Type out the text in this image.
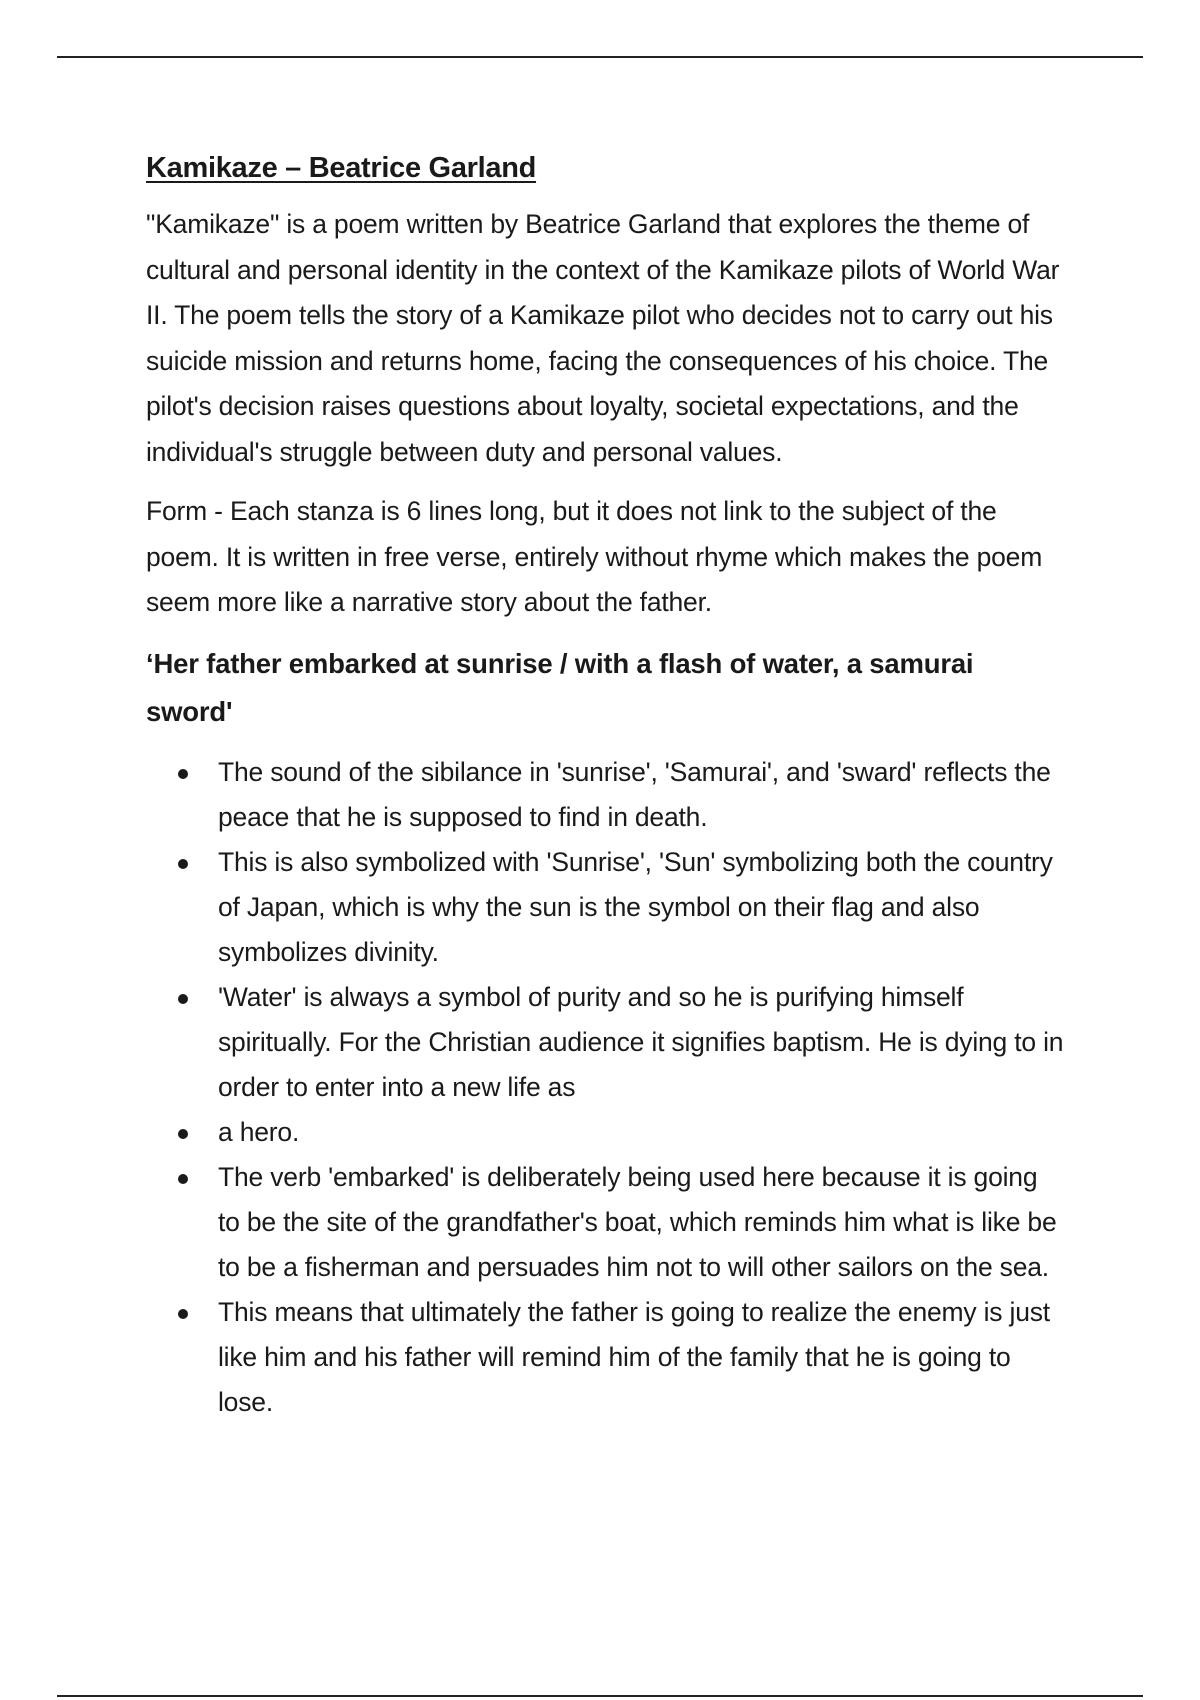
Kamikaze – Beatrice Garland

"Kamikaze" is a poem written by Beatrice Garland that explores the theme of cultural and personal identity in the context of the Kamikaze pilots of World War II. The poem tells the story of a Kamikaze pilot who decides not to carry out his suicide mission and returns home, facing the consequences of his choice. The pilot's decision raises questions about loyalty, societal expectations, and the individual's struggle between duty and personal values.

Form - Each stanza is 6 lines long, but it does not link to the subject of the poem. It is written in free verse, entirely without rhyme which makes the poem seem more like a narrative story about the father.

‘Her father embarked at sunrise / with a flash of water, a samurai sword'

The sound of the sibilance in 'sunrise', 'Samurai', and 'sward' reflects the peace that he is supposed to find in death.
This is also symbolized with 'Sunrise', 'Sun' symbolizing both the country of Japan, which is why the sun is the symbol on their flag and also symbolizes divinity.
'Water' is always a symbol of purity and so he is purifying himself spiritually. For the Christian audience it signifies baptism. He is dying to in order to enter into a new life as
a hero.
The verb 'embarked' is deliberately being used here because it is going to be the site of the grandfather's boat, which reminds him what is like be to be a fisherman and persuades him not to will other sailors on the sea.
This means that ultimately the father is going to realize the enemy is just like him and his father will remind him of the family that he is going to lose.
